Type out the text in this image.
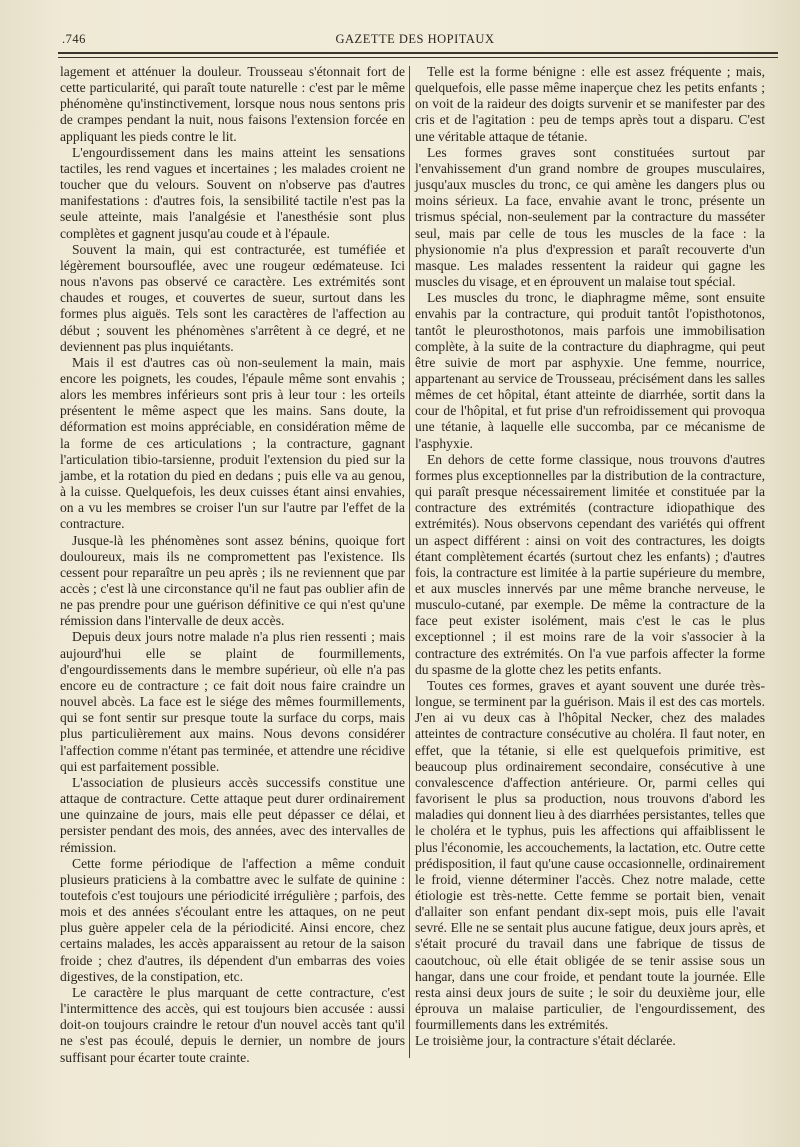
.746	GAZETTE DES HOPITAUX

lagement et atténuer la douleur. Trousseau s'étonnait fort de cette particularité, qui paraît toute naturelle : c'est par le même phénomène qu'instinctivement, lorsque nous nous sentons pris de crampes pendant la nuit, nous faisons l'extension forcée en appliquant les pieds contre le lit.

L'engourdissement dans les mains atteint les sensations tactiles, les rend vagues et incertaines ; les malades croient ne toucher que du velours. Souvent on n'observe pas d'autres manifestations : d'autres fois, la sensibilité tactile n'est pas la seule atteinte, mais l'analgésie et l'anesthésie sont plus complètes et gagnent jusqu'au coude et à l'épaule.

Souvent la main, qui est contracturée, est tuméfiée et légèrement boursouflée, avec une rougeur œdémateuse. Ici nous n'avons pas observé ce caractère. Les extrémités sont chaudes et rouges, et couvertes de sueur, surtout dans les formes plus aiguës. Tels sont les caractères de l'affection au début ; souvent les phénomènes s'arrêtent à ce degré, et ne deviennent pas plus inquiétants.

Mais il est d'autres cas où non-seulement la main, mais encore les poignets, les coudes, l'épaule même sont envahis ; alors les membres inférieurs sont pris à leur tour : les orteils présentent le même aspect que les mains. Sans doute, la déformation est moins appréciable, en considération même de la forme de ces articulations ; la contracture, gagnant l'articulation tibio-tarsienne, produit l'extension du pied sur la jambe, et la rotation du pied en dedans ; puis elle va au genou, à la cuisse. Quelquefois, les deux cuisses étant ainsi envahies, on a vu les membres se croiser l'un sur l'autre par l'effet de la contracture.

Jusque-là les phénomènes sont assez bénins, quoique fort douloureux, mais ils ne compromettent pas l'existence. Ils cessent pour reparaître un peu après ; ils ne reviennent que par accès ; c'est là une circonstance qu'il ne faut pas oublier afin de ne pas prendre pour une guérison définitive ce qui n'est qu'une rémission dans l'intervalle de deux accès.

Depuis deux jours notre malade n'a plus rien ressenti ; mais aujourd'hui elle se plaint de fourmillements, d'engourdissements dans le membre supérieur, où elle n'a pas encore eu de contracture ; ce fait doit nous faire craindre un nouvel abcès. La face est le siége des mêmes fourmillements, qui se font sentir sur presque toute la surface du corps, mais plus particulièrement aux mains. Nous devons considérer l'affection comme n'étant pas terminée, et attendre une récidive qui est parfaitement possible.

L'association de plusieurs accès successifs constitue une attaque de contracture. Cette attaque peut durer ordinairement une quinzaine de jours, mais elle peut dépasser ce délai, et persister pendant des mois, des années, avec des intervalles de rémission.

Cette forme périodique de l'affection a même conduit plusieurs praticiens à la combattre avec le sulfate de quinine : toutefois c'est toujours une périodicité irrégulière ; parfois, des mois et des années s'écoulant entre les attaques, on ne peut plus guère appeler cela de la périodicité. Ainsi encore, chez certains malades, les accès apparaissent au retour de la saison froide ; chez d'autres, ils dépendent d'un embarras des voies digestives, de la constipation, etc.

Le caractère le plus marquant de cette contracture, c'est l'intermittence des accès, qui est toujours bien accusée : aussi doit-on toujours craindre le retour d'un nouvel accès tant qu'il ne s'est pas écoulé, depuis le dernier, un nombre de jours suffisant pour écarter toute crainte.

Telle est la forme bénigne : elle est assez fréquente ; mais, quelquefois, elle passe même inaperçue chez les petits enfants ; on voit de la raideur des doigts survenir et se manifester par des cris et de l'agitation : peu de temps après tout a disparu. C'est une véritable attaque de tétanie.

Les formes graves sont constituées surtout par l'envahissement d'un grand nombre de groupes musculaires, jusqu'aux muscles du tronc, ce qui amène les dangers plus ou moins sérieux. La face, envahie avant le tronc, présente un trismus spécial, non-seulement par la contracture du masséter seul, mais par celle de tous les muscles de la face : la physionomie n'a plus d'expression et paraît recouverte d'un masque. Les malades ressentent la raideur qui gagne les muscles du visage, et en éprouvent un malaise tout spécial.

Les muscles du tronc, le diaphragme même, sont ensuite envahis par la contracture, qui produit tantôt l'opisthotonos, tantôt le pleurosthotonos, mais parfois une immobilisation complète, à la suite de la contracture du diaphragme, qui peut être suivie de mort par asphyxie. Une femme, nourrice, appartenant au service de Trousseau, précisément dans les salles mêmes de cet hôpital, étant atteinte de diarrhée, sortit dans la cour de l'hôpital, et fut prise d'un refroidissement qui provoqua une tétanie, à laquelle elle succomba, par ce mécanisme de l'asphyxie.

En dehors de cette forme classique, nous trouvons d'autres formes plus exceptionnelles par la distribution de la contracture, qui paraît presque nécessairement limitée et constituée par la contracture des extrémités (contracture idiopathique des extrémités). Nous observons cependant des variétés qui offrent un aspect différent : ainsi on voit des contractures, les doigts étant complètement écartés (surtout chez les enfants) ; d'autres fois, la contracture est limitée à la partie supérieure du membre, et aux muscles innervés par une même branche nerveuse, le musculo-cutané, par exemple. De même la contracture de la face peut exister isolément, mais c'est le cas le plus exceptionnel ; il est moins rare de la voir s'associer à la contracture des extrémités. On l'a vue parfois affecter la forme du spasme de la glotte chez les petits enfants.

Toutes ces formes, graves et ayant souvent une durée très-longue, se terminent par la guérison. Mais il est des cas mortels. J'en ai vu deux cas à l'hôpital Necker, chez des malades atteintes de contracture consécutive au choléra. Il faut noter, en effet, que la tétanie, si elle est quelquefois primitive, est beaucoup plus ordinairement secondaire, consécutive à une convalescence d'affection antérieure. Or, parmi celles qui favorisent le plus sa production, nous trouvons d'abord les maladies qui donnent lieu à des diarrhées persistantes, telles que le choléra et le typhus, puis les affections qui affaiblissent le plus l'économie, les accouchements, la lactation, etc. Outre cette prédisposition, il faut qu'une cause occasionnelle, ordinairement le froid, vienne déterminer l'accès. Chez notre malade, cette étiologie est très-nette. Cette femme se portait bien, venait d'allaiter son enfant pendant dix-sept mois, puis elle l'avait sevré. Elle ne se sentait plus aucune fatigue, deux jours après, et s'était procuré du travail dans une fabrique de tissus de caoutchouc, où elle était obligée de se tenir assise sous un hangar, dans une cour froide, et pendant toute la journée. Elle resta ainsi deux jours de suite ; le soir du deuxième jour, elle éprouva un malaise particulier, de l'engourdissement, des fourmillements dans les extrémités.

Le troisième jour, la contracture s'était déclarée.
